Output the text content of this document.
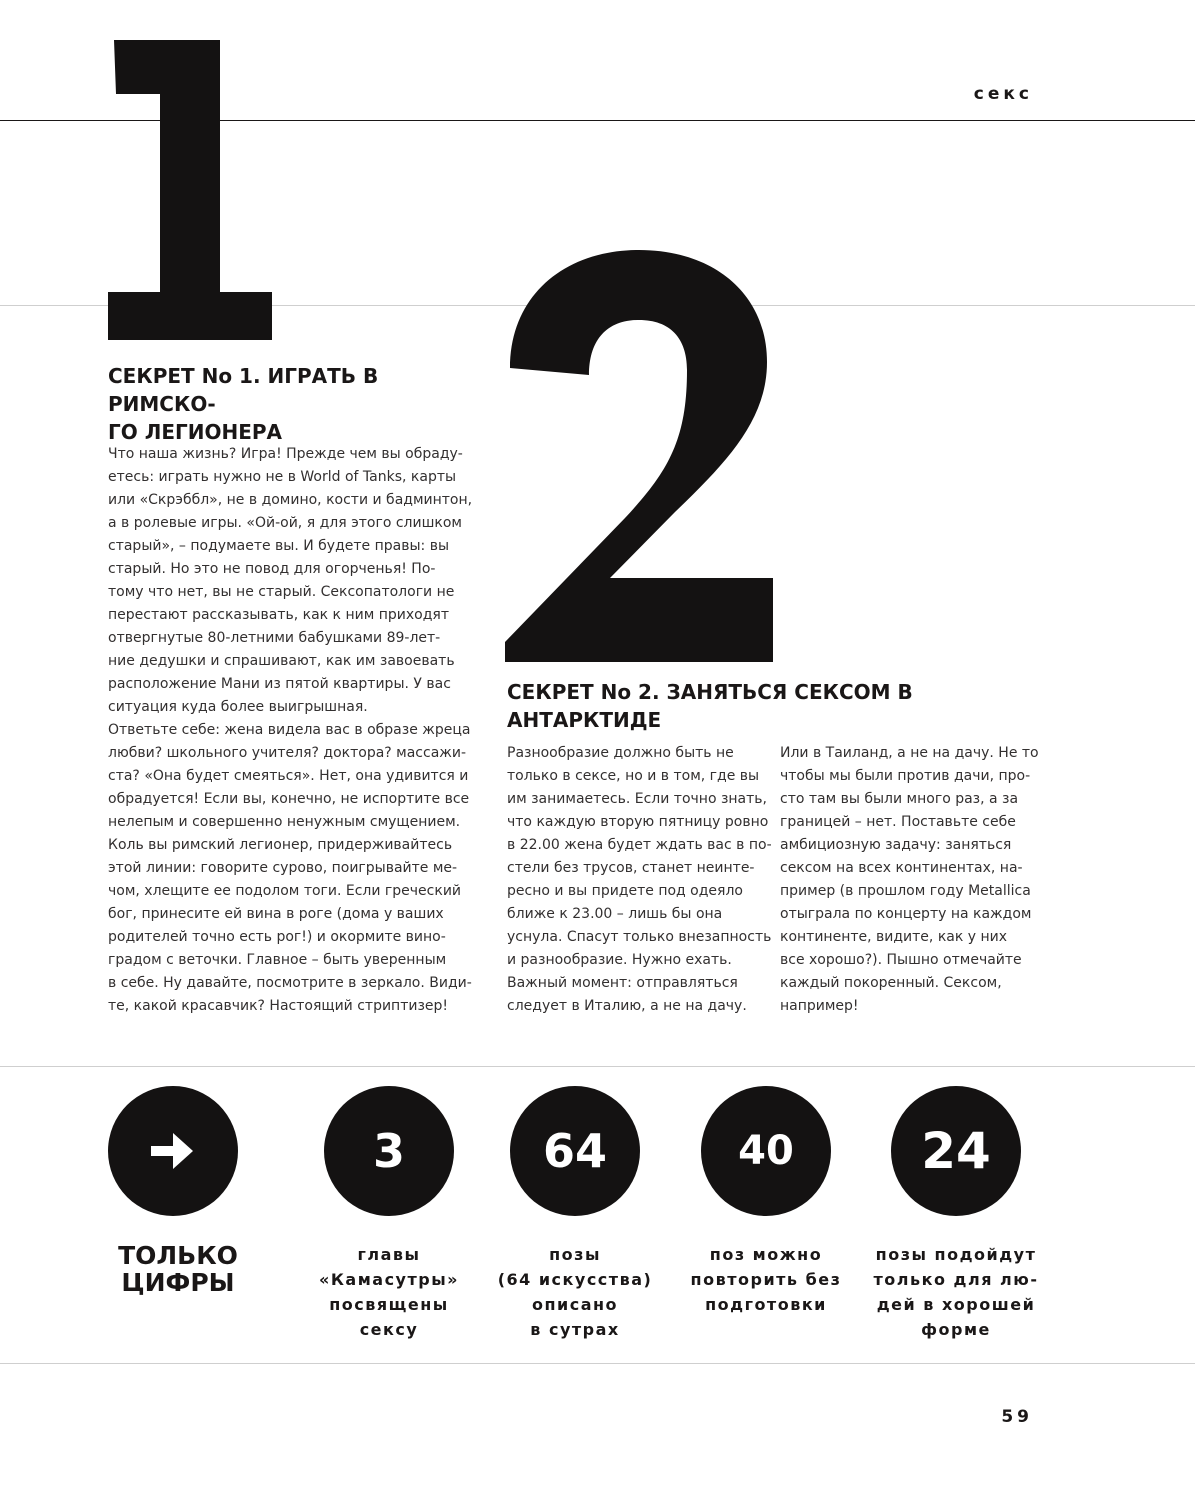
секс
СЕКРЕТ No 1. ИГРАТЬ В РИМСКО-
ГО ЛЕГИОНЕРА
Что наша жизнь? Игра! Прежде чем вы обраду-
етесь: играть нужно не в World of Tanks, карты
или «Скрэббл», не в домино, кости и бадминтон,
а в ролевые игры. «Ой-ой, я для этого слишком
старый», – подумаете вы. И будете правы: вы
старый. Но это не повод для огорченья! По-
тому что нет, вы не старый. Сексопатологи не
перестают рассказывать, как к ним приходят
отвергнутые 80-летними бабушками 89-лет-
ние дедушки и спрашивают, как им завоевать
расположение Мани из пятой квартиры. У вас
ситуация куда более выигрышная.
Ответьте себе: жена видела вас в образе жреца
любви? школьного учителя? доктора? массажи-
ста? «Она будет смеяться». Нет, она удивится и
обрадуется! Если вы, конечно, не испортите все
нелепым и совершенно ненужным смущением.
Коль вы римский легионер, придерживайтесь
этой линии: говорите сурово, поигрывайте ме-
чом, хлещите ее подолом тоги. Если греческий
бог, принесите ей вина в роге (дома у ваших
родителей точно есть рог!) и окормите вино-
градом с веточки. Главное – быть уверенным
в себе. Ну давайте, посмотрите в зеркало. Види-
те, какой красавчик? Настоящий стриптизер!
СЕКРЕТ No 2. ЗАНЯТЬСЯ СЕКСОМ В АНТАРКТИДЕ
Разнообразие должно быть не
только в сексе, но и в том, где вы
им занимаетесь. Если точно знать,
что каждую вторую пятницу ровно
в 22.00 жена будет ждать вас в по-
стели без трусов, станет неинте-
ресно и вы придете под одеяло
ближе к 23.00 – лишь бы она
уснула. Спасут только внезапность
и разнообразие. Нужно ехать.
Важный момент: отправляться
следует в Италию, а не на дачу.
Или в Таиланд, а не на дачу. Не то
чтобы мы были против дачи, про-
сто там вы были много раз, а за
границей – нет. Поставьте себе
амбициозную задачу: заняться
сексом на всех континентах, на-
пример (в прошлом году Metallica
отыграла по концерту на каждом
континенте, видите, как у них
все хорошо?). Пышно отмечайте
каждый покоренный. Сексом,
например!
ТОЛЬКО
ЦИФРЫ
3
главы
«Камасутры»
посвящены
сексу
64
позы
(64 искусства)
описано
в сутрах
40
поз можно
повторить без
подготовки
24
позы подойдут
только для лю-
дей в хорошей
форме
59
